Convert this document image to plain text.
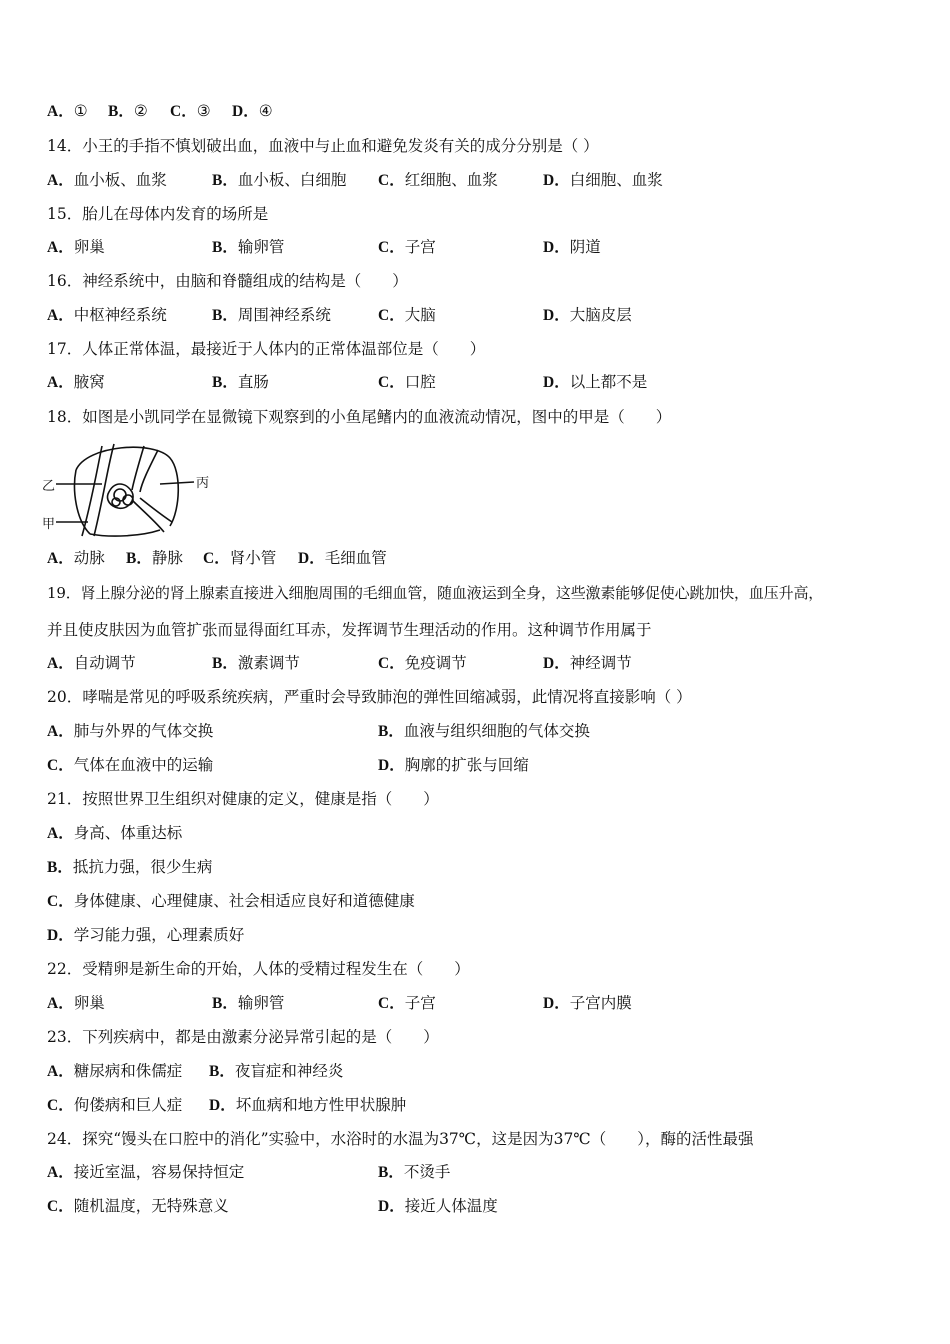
A．① B．② C．③ D．④
14．小王的手指不慎划破出血，血液中与止血和避免发炎有关的成分分别是（ ）
A．血小板、血浆	B．血小板、白细胞 C．红细胞、血浆	D．白细胞、血浆
15．胎儿在母体内发育的场所是
A．卵巢	B．输卵管	C．子宫	D．阴道
16．神经系统中，由脑和脊髓组成的结构是（　　）
A．中枢神经系统	B．周围神经系统	C．大脑	D．大脑皮层
17．人体正常体温，最接近于人体内的正常体温部位是（　　）
A．腋窝	B．直肠	C．口腔	D．以上都不是
18．如图是小凯同学在显微镜下观察到的小鱼尾鳍内的血液流动情况，图中的甲是（　　）
乙
甲
丙
A．动脉 B．静脉 C．肾小管 D．毛细血管
19．肾上腺分泌的肾上腺素直接进入细胞周围的毛细血管，随血液运到全身，这些激素能够促使心跳加快，血压升高，
并且使皮肤因为血管扩张而显得面红耳赤，发挥调节生理活动的作用。这种调节作用属于
A．自动调节	B．激素调节	C．免疫调节	D．神经调节
20．哮喘是常见的呼吸系统疾病，严重时会导致肺泡的弹性回缩减弱，此情况将直接影响（ ）
A．肺与外界的气体交换	B．血液与组织细胞的气体交换
C．气体在血液中的运输	D．胸廓的扩张与回缩
21．按照世界卫生组织对健康的定义，健康是指（　　）
A．身高、体重达标
B．抵抗力强，很少生病
C．身体健康、心理健康、社会相适应良好和道德健康
D．学习能力强，心理素质好
22．受精卵是新生命的开始，人体的受精过程发生在（　　）
A．卵巢	B．输卵管	C．子宫	D．子宫内膜
23．下列疾病中，都是由激素分泌异常引起的是（　　）
A．糖尿病和侏儒症 B．夜盲症和神经炎
C．佝偻病和巨人症 D．坏血病和地方性甲状腺肿
24．探究“馒头在口腔中的消化”实验中，水浴时的水温为37℃，这是因为37℃（　　），酶的活性最强
A．接近室温，容易保持恒定	B．不烫手
C．随机温度，无特殊意义	D．接近人体温度
